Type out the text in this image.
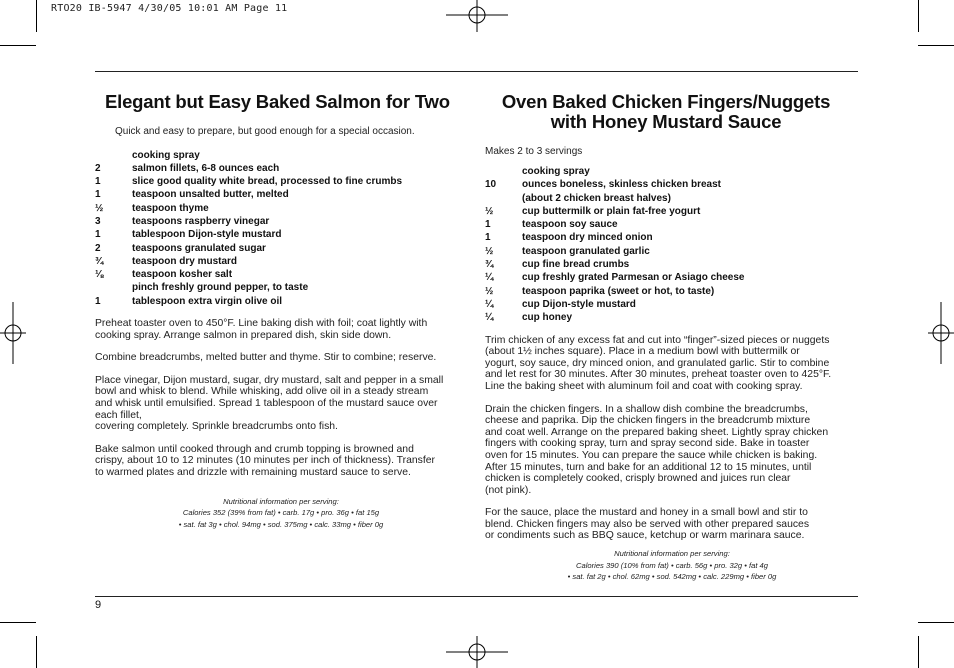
RTO20 IB-5947 4/30/05 10:01 AM Page 11
Elegant but Easy Baked Salmon for Two
Quick and easy to prepare, but good enough for a special occasion.
cooking spray
2	salmon fillets, 6-8 ounces each
1	slice good quality white bread, processed to fine crumbs
1	teaspoon unsalted butter, melted
½	teaspoon thyme
3	teaspoons raspberry vinegar
1	tablespoon Dijon-style mustard
2	teaspoons granulated sugar
¾	teaspoon dry mustard
⅛	teaspoon kosher salt
pinch freshly ground pepper, to taste
1	tablespoon extra virgin olive oil

Preheat toaster oven to 450°F. Line baking dish with foil; coat lightly with

cooking spray. Arrange salmon in prepared dish, skin side down.

Combine breadcrumbs, melted butter and thyme. Stir to combine; reserve.

Place vinegar, Dijon mustard, sugar, dry mustard, salt and pepper in a small

bowl and whisk to blend. While whisking, add olive oil in a steady stream

and whisk until emulsified. Spread 1 tablespoon of the mustard sauce over

each fillet,

covering completely. Sprinkle breadcrumbs onto fish.

Bake salmon until cooked through and crumb topping is browned and

crispy, about 10 to 12 minutes (10 minutes per inch of thickness). Transfer

to warmed plates and drizzle with remaining mustard sauce to serve.

Nutritional information per serving:
Calories 352 (39% from fat) • carb. 17g • pro. 36g • fat 15g
• sat. fat 3g • chol. 94mg • sod. 375mg • calc. 33mg • fiber 0g
Oven Baked Chicken Fingers/Nuggets
with Honey Mustard Sauce
Makes 2 to 3 servings
cooking spray
10	ounces boneless, skinless chicken breast
(about 2 chicken breast halves)
½	cup buttermilk or plain fat-free yogurt
1	teaspoon soy sauce
1	teaspoon dry minced onion
½	teaspoon granulated garlic
¾	cup fine bread crumbs
¼	cup freshly grated Parmesan or Asiago cheese
½	teaspoon paprika (sweet or hot, to taste)
¼	cup Dijon-style mustard
¼	cup honey

Trim chicken of any excess fat and cut into “finger”-sized pieces or nuggets

(about 1½ inches square). Place in a medium bowl with buttermilk or

yogurt, soy sauce, dry minced onion, and granulated garlic. Stir to combine

and let rest for 30 minutes. After 30 minutes, preheat toaster oven to 425°F.

Line the baking sheet with aluminum foil and coat with cooking spray.

Drain the chicken fingers. In a shallow dish combine the breadcrumbs,

cheese and paprika. Dip the chicken fingers in the breadcrumb mixture

and coat well. Arrange on the prepared baking sheet. Lightly spray chicken

fingers with cooking spray, turn and spray second side. Bake in toaster

oven for 15 minutes. You can prepare the sauce while chicken is baking.

After 15 minutes, turn and bake for an additional 12 to 15 minutes, until

chicken is completely cooked, crisply browned and juices run clear

(not pink).

For the sauce, place the mustard and honey in a small bowl and stir to

blend. Chicken fingers may also be served with other prepared sauces

or condiments such as BBQ sauce, ketchup or warm marinara sauce.

Nutritional information per serving:
Calories 390 (10% from fat) • carb. 56g • pro. 32g • fat 4g
• sat. fat 2g • chol. 62mg • sod. 542mg • calc. 229mg • fiber 0g
9
